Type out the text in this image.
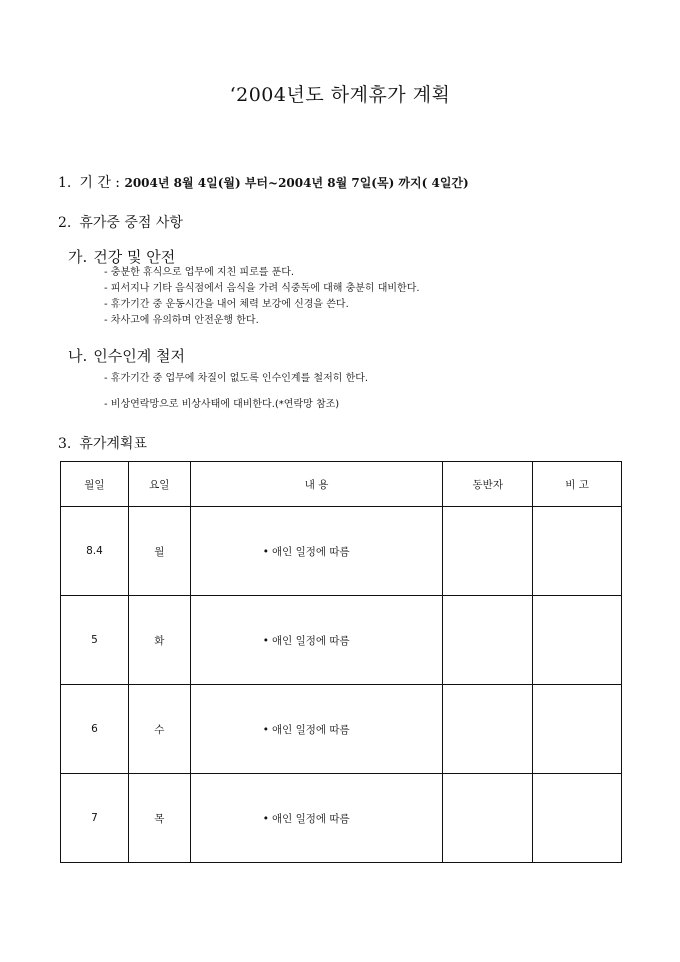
‘2004년도 하계휴가 계획
1. 기 간 : 2004년 8월 4일(월) 부터~2004년 8월 7일(목) 까지( 4일간)
2. 휴가중 중점 사항
가. 건강 및 안전
- 충분한 휴식으로 업무에 지친 피로를 푼다.
- 피서지나 기타 음식점에서 음식을 가려 식중독에 대해 충분히 대비한다.
- 휴가기간 중 운동시간을 내어 체력 보강에 신경을 쓴다.
- 차사고에 유의하며 안전운행 한다.
나. 인수인계 철저
- 휴가기간 중 업무에 차질이 없도록 인수인계를 철저히 한다.
- 비상연락망으로 비상사태에 대비한다.(*연락망 참조)
3. 휴가계획표
월일	요일	내 용	동반자	비 고
8.4	월	• 애인 일정에 따름		
5	화	• 애인 일정에 따름		
6	수	• 애인 일정에 따름		
7	목	• 애인 일정에 따름		
